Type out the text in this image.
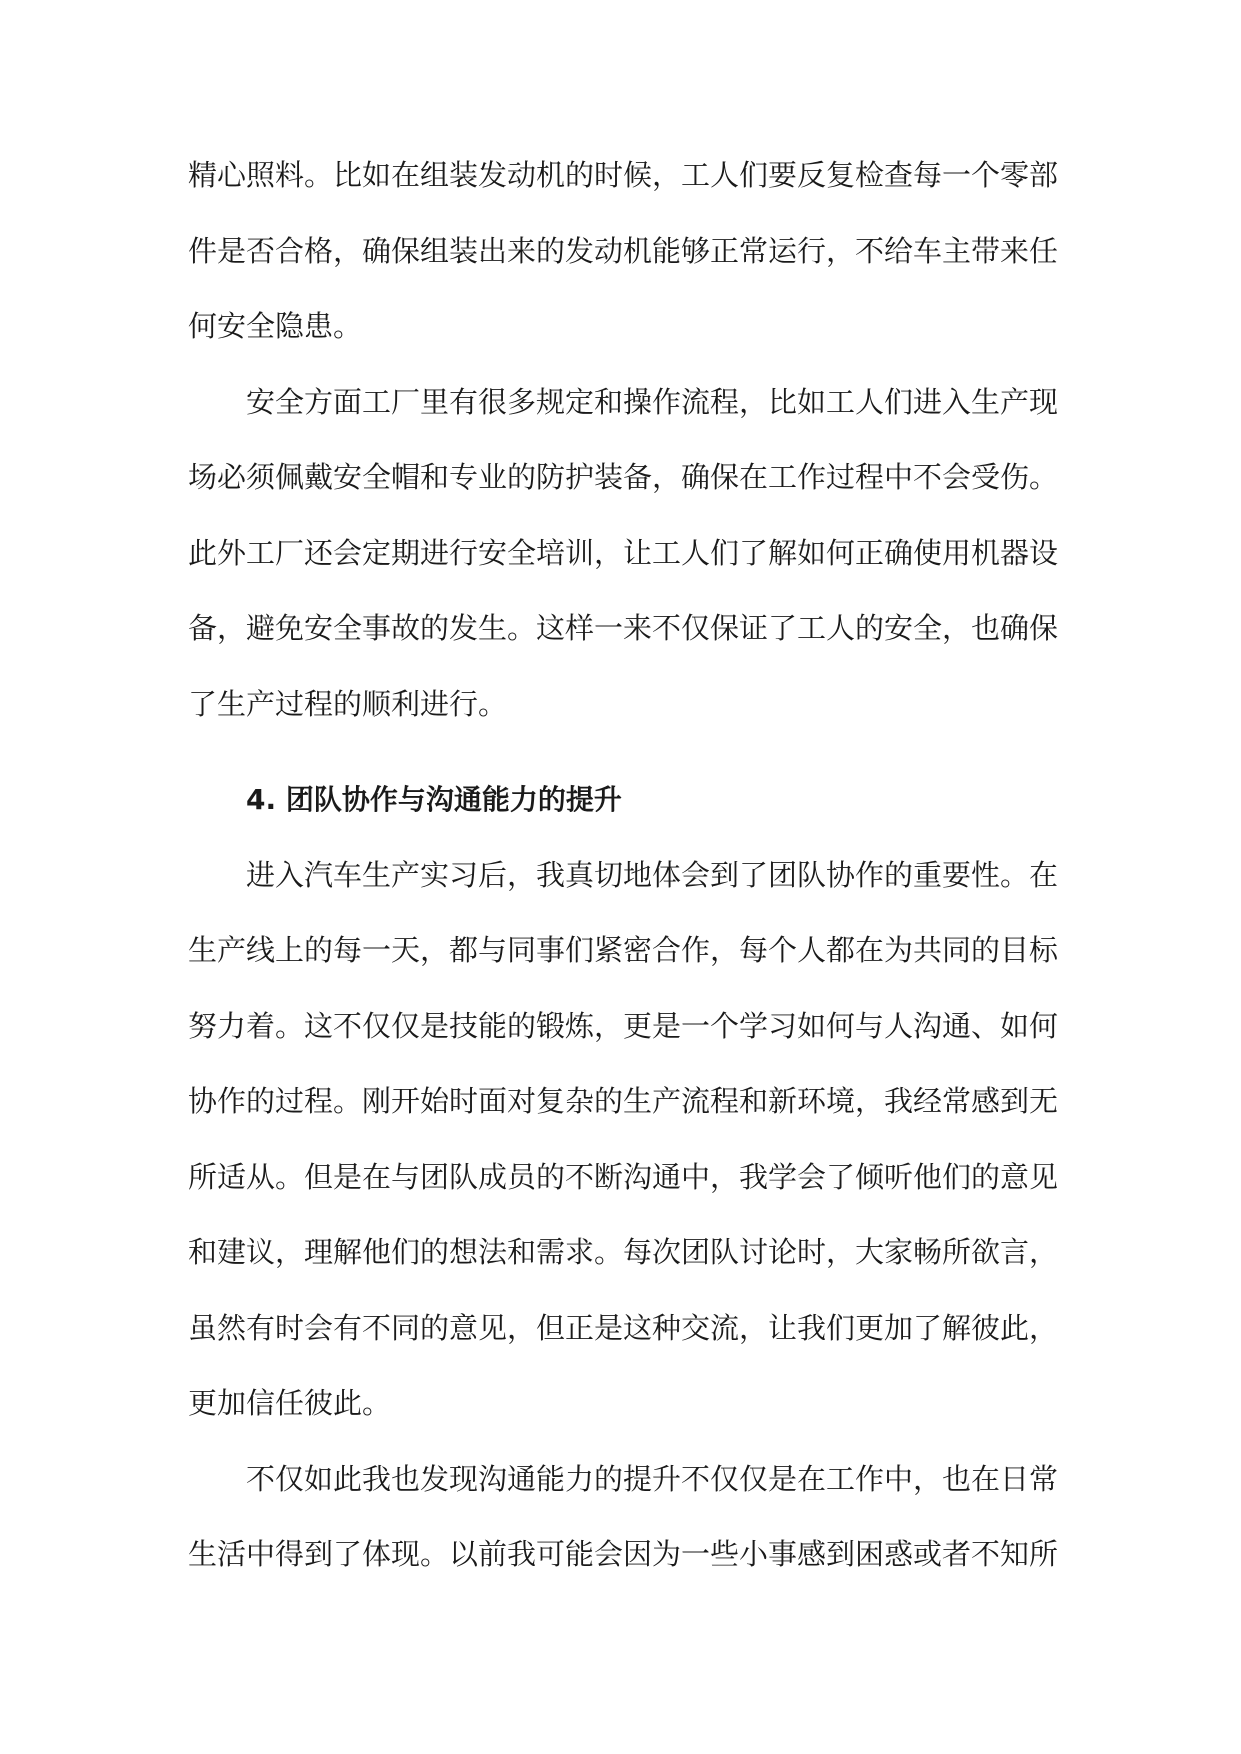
精心照料。比如在组装发动机的时候，工人们要反复检查每一个零部件是否合格，确保组装出来的发动机能够正常运行，不给车主带来任何安全隐患。

安全方面工厂里有很多规定和操作流程，比如工人们进入生产现场必须佩戴安全帽和专业的防护装备，确保在工作过程中不会受伤。此外工厂还会定期进行安全培训，让工人们了解如何正确使用机器设备，避免安全事故的发生。这样一来不仅保证了工人的安全，也确保了生产过程的顺利进行。

4. 团队协作与沟通能力的提升

进入汽车生产实习后，我真切地体会到了团队协作的重要性。在生产线上的每一天，都与同事们紧密合作，每个人都在为共同的目标努力着。这不仅仅是技能的锻炼，更是一个学习如何与人沟通、如何协作的过程。刚开始时面对复杂的生产流程和新环境，我经常感到无所适从。但是在与团队成员的不断沟通中，我学会了倾听他们的意见和建议，理解他们的想法和需求。每次团队讨论时，大家畅所欲言，虽然有时会有不同的意见，但正是这种交流，让我们更加了解彼此，更加信任彼此。

不仅如此我也发现沟通能力的提升不仅仅是在工作中，也在日常生活中得到了体现。以前我可能会因为一些小事感到困惑或者不知所
